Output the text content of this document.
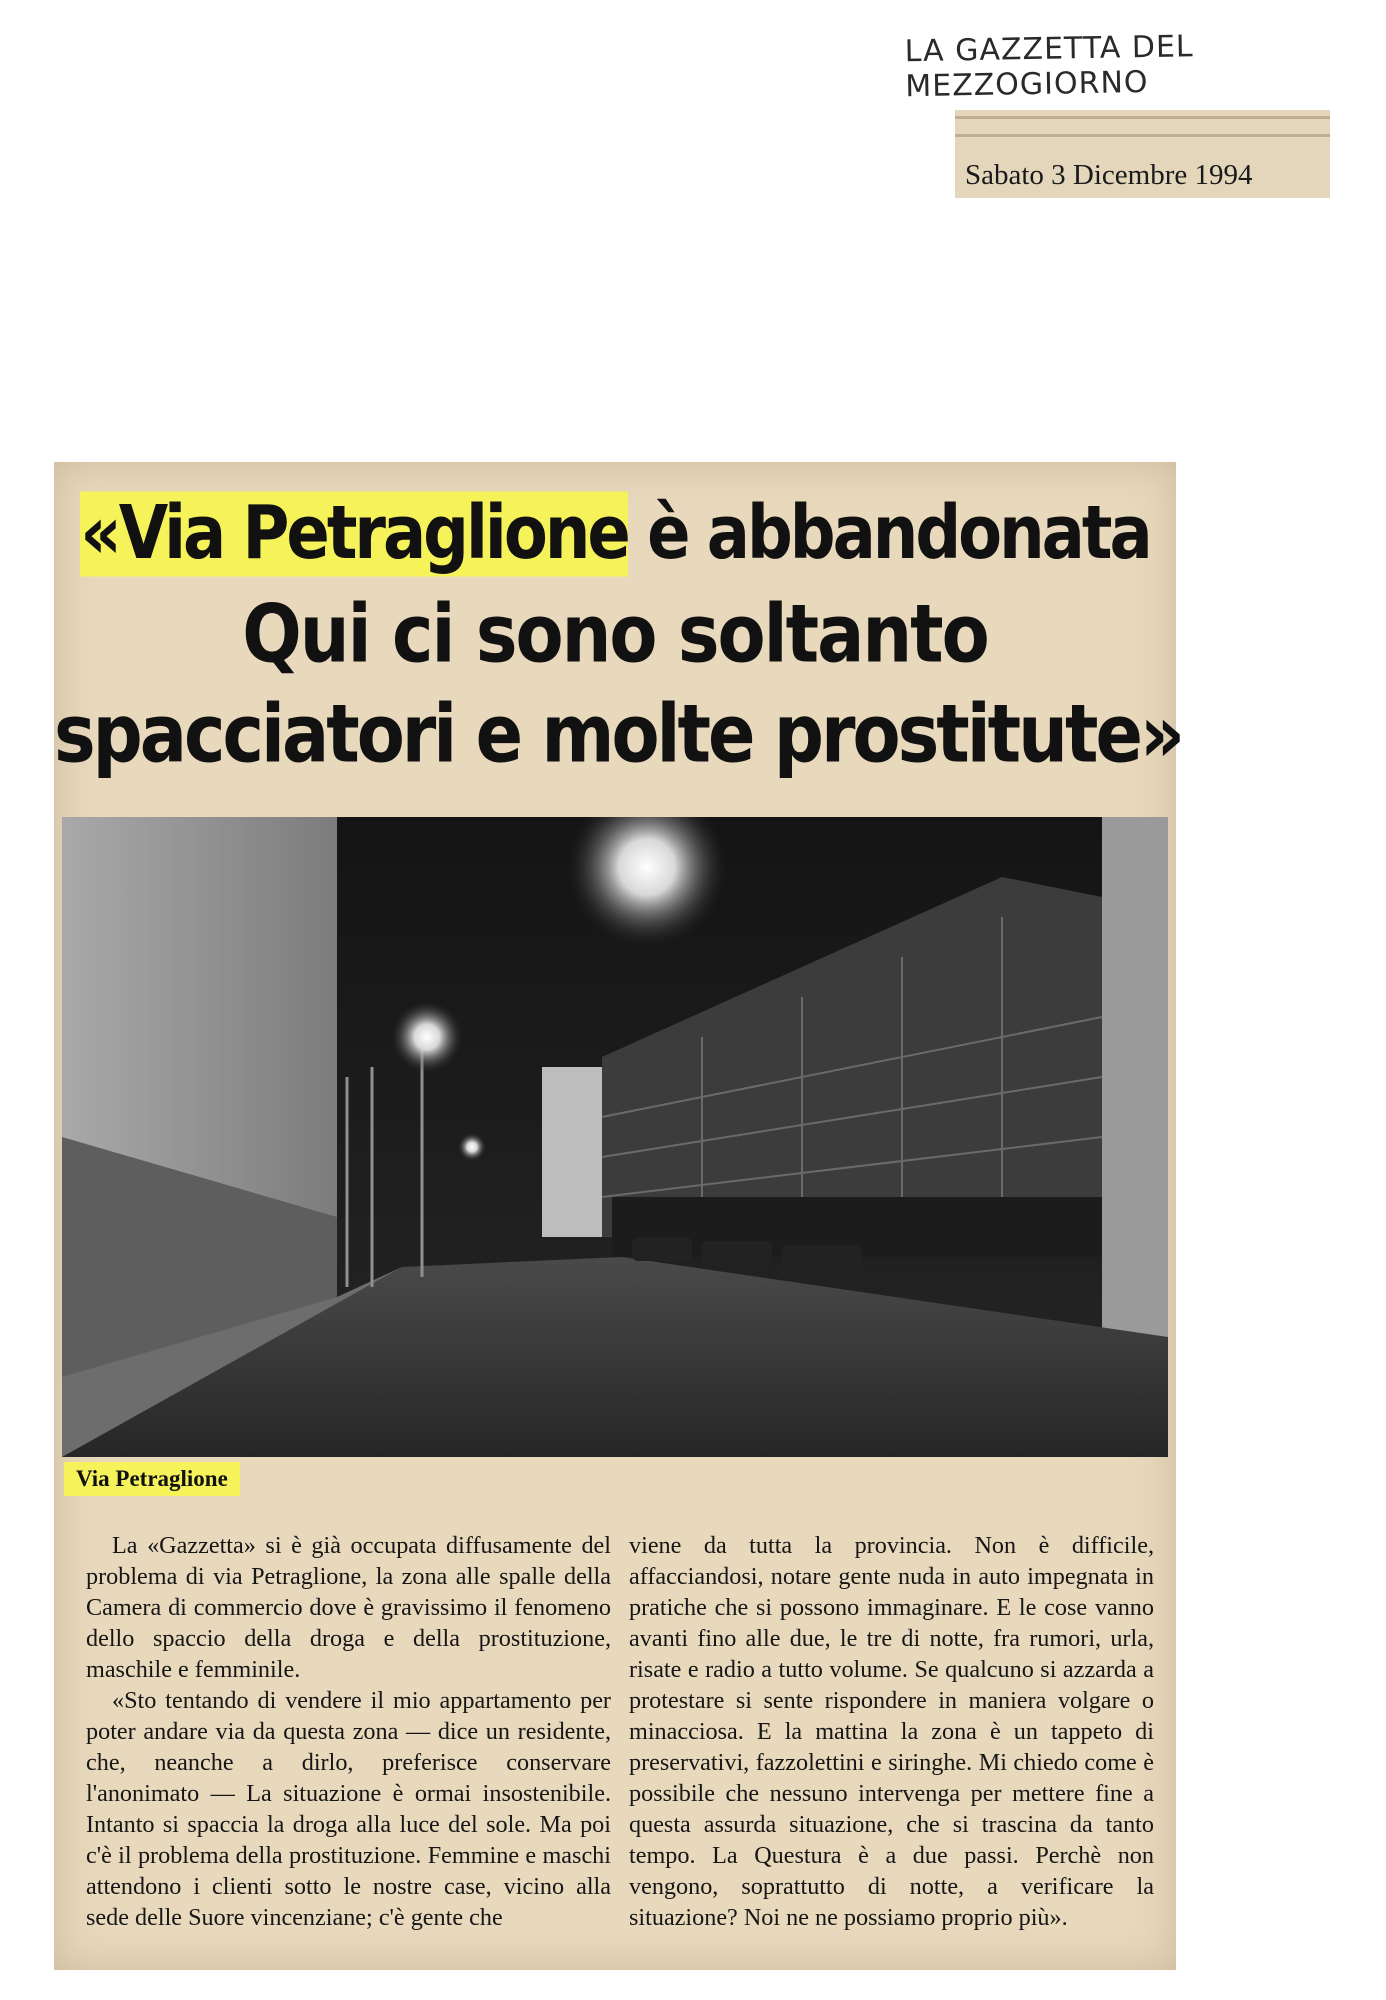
LA GAZZETTA DEL MEZZOGIORNO
Sabato 3 Dicembre 1994
«Via Petraglione è abbandonata
Qui ci sono soltanto
spacciatori e molte prostitute»
Via Petraglione

La «Gazzetta» si è già occupata diffusamente del problema di via Petraglione, la zona alle spalle della Camera di commercio dove è gravissimo il fenomeno dello spaccio della droga e della prostituzione, maschile e femminile.

«Sto tentando di vendere il mio appartamento per poter andare via da questa zona — dice un residente, che, neanche a dirlo, preferisce conservare l'anonimato — La situazione è ormai insostenibile. Intanto si spaccia la droga alla luce del sole. Ma poi c'è il problema della prostituzione. Femmine e maschi attendono i clienti sotto le nostre case, vicino alla sede delle Suore vincenziane; c'è gente che

viene da tutta la provincia. Non è difficile, affacciandosi, notare gente nuda in auto impegnata in pratiche che si possono immaginare. E le cose vanno avanti fino alle due, le tre di notte, fra rumori, urla, risate e radio a tutto volume. Se qualcuno si azzarda a protestare si sente rispondere in maniera volgare o minacciosa. E la mattina la zona è un tappeto di preservativi, fazzolettini e siringhe. Mi chiedo come è possibile che nessuno intervenga per mettere fine a questa assurda situazione, che si trascina da tanto tempo. La Questura è a due passi. Perchè non vengono, soprattutto di notte, a verificare la situazione? Noi ne ne possiamo proprio più».
